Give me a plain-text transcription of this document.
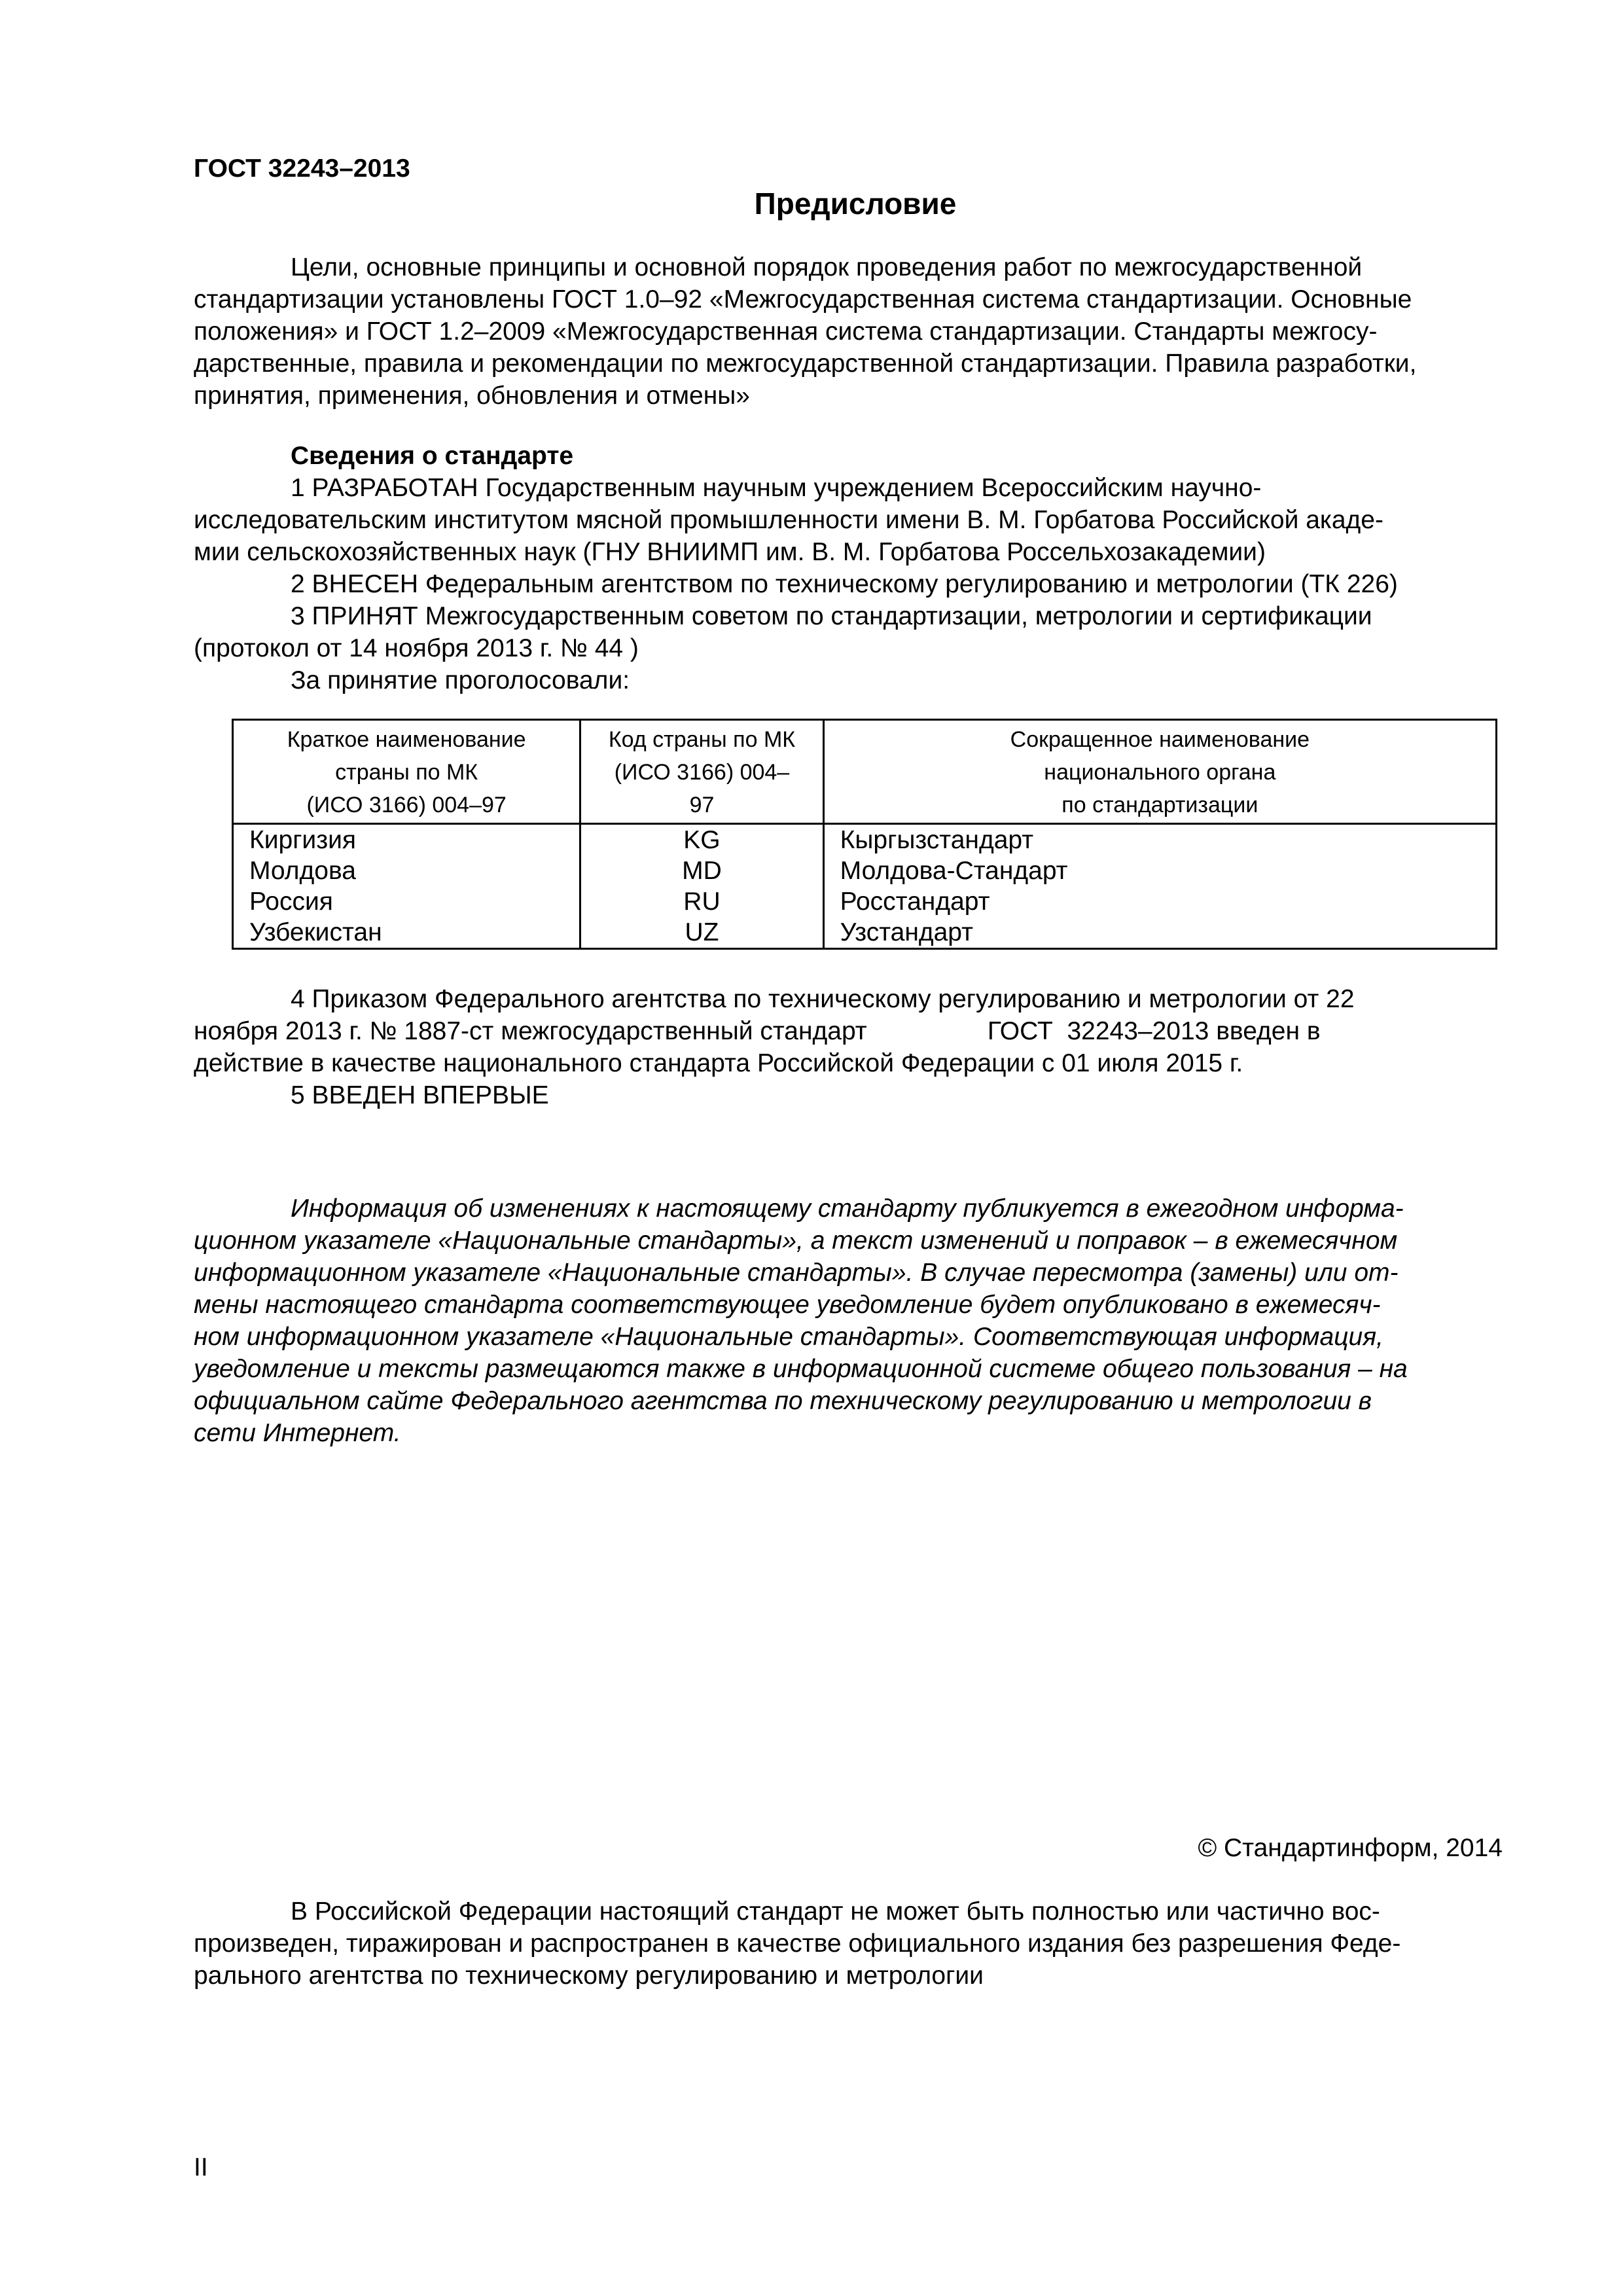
ГОСТ 32243–2013
Предисловие
Цели, основные принципы и основной порядок проведения работ по межгосударственной
стандартизации установлены ГОСТ 1.0–92 «Межгосударственная система стандартизации. Основные
положения» и ГОСТ 1.2–2009 «Межгосударственная система стандартизации. Стандарты межгосу-
дарственные, правила и рекомендации по межгосударственной стандартизации. Правила разработки,
принятия, применения, обновления и отмены»
Сведения о стандарте
1 РАЗРАБОТАН Государственным научным учреждением Всероссийским научно-
исследовательским институтом мясной промышленности имени В. М. Горбатова Российской акаде-
мии сельскохозяйственных наук (ГНУ ВНИИМП им. В. М. Горбатова Россельхозакадемии)
2 ВНЕСЕН Федеральным агентством по техническому регулированию и метрологии (ТК 226)
3 ПРИНЯТ Межгосударственным советом по стандартизации, метрологии и сертификации
(протокол от 14 ноября 2013 г. № 44 )
За принятие проголосовали:
Краткое наименование
страны по МК
(ИСО 3166) 004–97	Код страны по МК
(ИСО 3166) 004–
97	Сокращенное наименование
национального органа
по стандартизации

Киргизия	KG	Кыргызстандарт
Молдова	MD	Молдова-Стандарт
Россия	RU	Росстандарт
Узбекистан	UZ	Узстандарт
4 Приказом Федерального агентства по техническому регулированию и метрологии от 22
ноября 2013 г. № 1887-ст межгосударственный стандарт                 ГОСТ  32243–2013 введен в
действие в качестве национального стандарта Российской Федерации с 01 июля 2015 г.
5 ВВЕДЕН ВПЕРВЫЕ
Информация об изменениях к настоящему стандарту публикуется в ежегодном информа-
ционном указателе «Национальные стандарты», а текст изменений и поправок – в ежемесячном
информационном указателе «Национальные стандарты». В случае пересмотра (замены) или от-
мены настоящего стандарта соответствующее уведомление будет опубликовано в ежемесяч-
ном информационном указателе «Национальные стандарты». Соответствующая информация,
уведомление и тексты размещаются также в информационной системе общего пользования – на
официальном сайте Федерального агентства по техническому регулированию и метрологии в
сети Интернет.
© Стандартинформ, 2014
В Российской Федерации настоящий стандарт не может быть полностью или частично вос-
произведен, тиражирован и распространен в качестве официального издания без разрешения Феде-
рального агентства по техническому регулированию и метрологии
II
